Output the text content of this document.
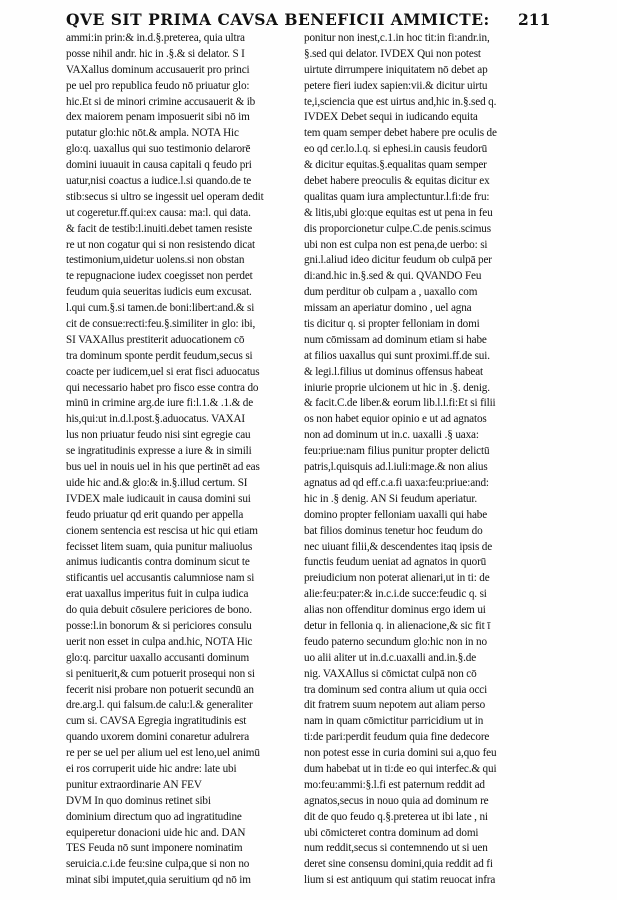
QVE SIT PRIMA CAVSA BENEFICII AMMICTE: 211
ammi:in prin:& in.d.§.preterea, quia ultra
posse nihil andr. hic in .§.& si delator. S I
VAXallus dominum accusauerit pro princi
pe uel pro republica feudo nō priuatur glo:
hic.Et si de minori crimine accusauerit & ib
dex maiorem penam imposuerit sibi nō im
putatur glo:hic nōt.& ampla. NOTA Hic
glo:q. uaxallus qui suo testimonio delarorē
domini iuuauit in causa capitali q feudo pri
uatur,nisi coactus a iudice.l.si quando.de te
stib:secus si ultro se ingessit uel operam dedit
ut cogeretur.ff.qui:ex causa: ma:l. qui data.
& facit de testib:l.inuiti.debet tamen resiste
re ut non cogatur qui si non resistendo dicat
testimonium,uidetur uolens.si non obstan
te repugnacione iudex coegisset non perdet
feudum quia seueritas iudicis eum excusat.
l.qui cum.§.si tamen.de boni:libert:and.& si
cit de consue:recti:feu.§.similiter in glo: ibi,
SI VAXAllus prestiterit aduocationem cō
tra dominum sponte perdit feudum,secus si
coacte per iudicem,uel si erat fisci aduocatus
qui necessario habet pro fisco esse contra do
minū in crimine arg.de iure fi:l.1.& .1.& de
his,qui:ut in.d.l.post.§.aduocatus. VAXAI
lus non priuatur feudo nisi sint egregie cau
se ingratitudinis expresse a iure & in simili
bus uel in nouis uel in his que pertinēt ad eas
uide hic and.& glo:& in.§.illud certum. SI
IVDEX male iudicauit in causa domini sui
feudo priuatur qd erit quando per appella
cionem sentencia est rescisa ut hic qui etiam
fecisset litem suam, quia punitur maliuolus
animus iudicantis contra dominum sicut te
stificantis uel accusantis calumniose nam si
erat uaxallus imperitus fuit in culpa iudica
do quia debuit cōsulere periciores de bono.
posse:l.in bonorum & si periciores consulu
uerit non esset in culpa and.hic, NOTA Hic
glo:q. parcitur uaxallo accusanti dominum
si penituerit,& cum potuerit prosequi non si
fecerit nisi probare non potuerit secundū an
dre.arg.l. qui falsum.de calu:l.& generaliter
cum si. CAVSA Egregia ingratitudinis est
quando uxorem domini conaretur adulrera
re per se uel per alium uel est leno,uel animū
ei ros corruperit uide hic andre: late ubi
punitur extraordinarie AN FEV
DVM In quo dominus retinet sibi
dominium directum quo ad ingratitudine
equiperetur donacioni uide hic and. DAN
TES Feuda nō sunt imponere nominatim
seruicia.c.i.de feu:sine culpa,que si non no
minat sibi imputet,quia seruitium qd nō im
ponitur non inest,c.1.in hoc tit:in fi:andr.in,
§.sed qui delator. IVDEX Qui non potest
uirtute dirrumpere iniquitatem nō debet ap
petere fieri iudex sapien:vii.& dicitur uirtu
te,i,sciencia que est uirtus and,hic in.§.sed q.
IVDEX Debet sequi in iudicando equita
tem quam semper debet habere pre oculis de
eo qd cer.lo.l.q. si ephesi.in causis feudorū
& dicitur equitas.§.equalitas quam semper
debet habere preoculis & equitas dicitur ex
qualitas quam iura amplectuntur.l.fi:de fru:
& litis,ubi glo:que equitas est ut pena in feu
dis proporcionetur culpe.C.de penis.scimus
ubi non est culpa non est pena,de uerbo: si
gni.l.aliud ideo dicitur feudum ob culpā per
di:and.hic in.§.sed & qui. QVANDO Feu
dum perditur ob culpam a , uaxallo com
missam an aperiatur domino , uel agna
tis dicitur q. si propter felloniam in domi
num cōmissam ad dominum etiam si habe
at filios uaxallus qui sunt proximi.ff.de sui.
& legi.l.filius ut dominus offensus habeat
iniurie proprie ulcionem ut hic in .§. denig.
& facit.C.de liber.& eorum lib.l.l.fi:Et si filii
os non habet equior opinio e ut ad agnatos
non ad dominum ut in.c. uaxalli .§ uaxa:
feu:priue:nam filius punitur propter delictū
patris,l.quisquis ad.l.iuli:mage.& non alius
agnatus ad qd eff.c.a.fi uaxa:feu:priue:and:
hic in .§ denig. AN Si feudum aperiatur.
domino propter felloniam uaxalli qui habe
bat filios dominus tenetur hoc feudum do
nec uiuant filii,& descendentes itaq ipsis de
functis feudum ueniat ad agnatos in quorū
preiudicium non poterat alienari,ut in ti: de
alie:feu:pater:& in.c.i.de succe:feudic q. si
alias non offenditur dominus ergo idem ui
detur in fellonia q. in alienacione,& sic fit ī
feudo paterno secundum glo:hic non in no
uo alii aliter ut in.d.c.uaxalli and.in.§.de
nig. VAXAllus si cōmictat culpā non cō
tra dominum sed contra alium ut quia occi
dit fratrem suum nepotem aut aliam perso
nam in quam cōmictitur parricidium ut in
ti:de pari:perdit feudum quia fine dedecore
non potest esse in curia domini sui a,quo feu
dum habebat ut in ti:de eo qui interfec.& qui
mo:feu:ammi:§.l.fi est paternum reddit ad
agnatos,secus in nouo quia ad dominum re
dit de quo feudo q.§.preterea ut ibi late , ni
ubi cōmicteret contra dominum ad domi
num reddit,secus si contemnendo ut si uen
deret sine consensu domini,quia reddit ad fi
lium si est antiquum qui statim reuocat infra
